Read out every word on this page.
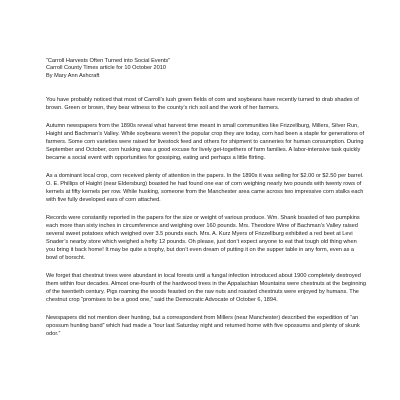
“Carroll Harvests Often Turned into Social Events”

Carroll County Times article for 10 October 2010

By Mary Ann Ashcraft

You have probably noticed that most of Carroll’s lush green fields of corn and soybeans have recently turned to drab shades of brown. Green or brown, they bear witness to the county’s rich soil and the work of her farmers.

Autumn newspapers from the 1890s reveal what harvest time meant in small communities like Frizzellburg, Millers, Silver Run, Haight and Bachman’s Valley. While soybeans weren’t the popular crop they are today, corn had been a staple for generations of farmers. Some corn varieties were raised for livestock feed and others for shipment to canneries for human consumption. During September and October, corn husking was a good excuse for lively get-togethers of farm families. A labor-intensive task quickly became a social event with opportunities for gossiping, eating and perhaps a little flirting.

As a dominant local crop, corn received plenty of attention in the papers. In the 1890s it was selling for $2.00 or $2.50 per barrel. O. E. Phillips of Haight (near Eldersburg) boasted he had found one ear of corn weighing nearly two pounds with twenty rows of kernels at fifty kernels per row. While husking, someone from the Manchester area came across two impressive corn stalks each with five fully developed ears of corn attached.

Records were constantly reported in the papers for the size or weight of various produce. Wm. Shank boasted of two pumpkins each more than sixty inches in circumference and weighing over 160 pounds. Mrs. Theodore Wine of Bachman’s Valley raised several sweet potatoes which weighed over 3.5 pounds each. Mrs. A. Kurz Myers of Frizzellburg exhibited a red beet at Levi Snader’s nearby store which weighed a hefty 12 pounds. Oh please, just don’t expect anyone to eat that tough old thing when you bring it back home! It may be quite a trophy, but don’t even dream of putting it on the supper table in any form, even as a bowl of borscht.

We forget that chestnut trees were abundant in local forests until a fungal infection introduced about 1900 completely destroyed them within four decades. Almost one-fourth of the hardwood trees in the Appalachian Mountains were chestnuts at the beginning of the twentieth century. Pigs roaming the woods feasted on the raw nuts and roasted chestnuts were enjoyed by humans. The chestnut crop “promises to be a good one,” said the Democratic Advocate of October 6, 1894.

Newspapers did not mention deer hunting, but a correspondent from Millers (near Manchester) described the expedition of “an opossum hunting band” which had made a “tour last Saturday night and returned home with five opossums and plenty of skunk odor.”
